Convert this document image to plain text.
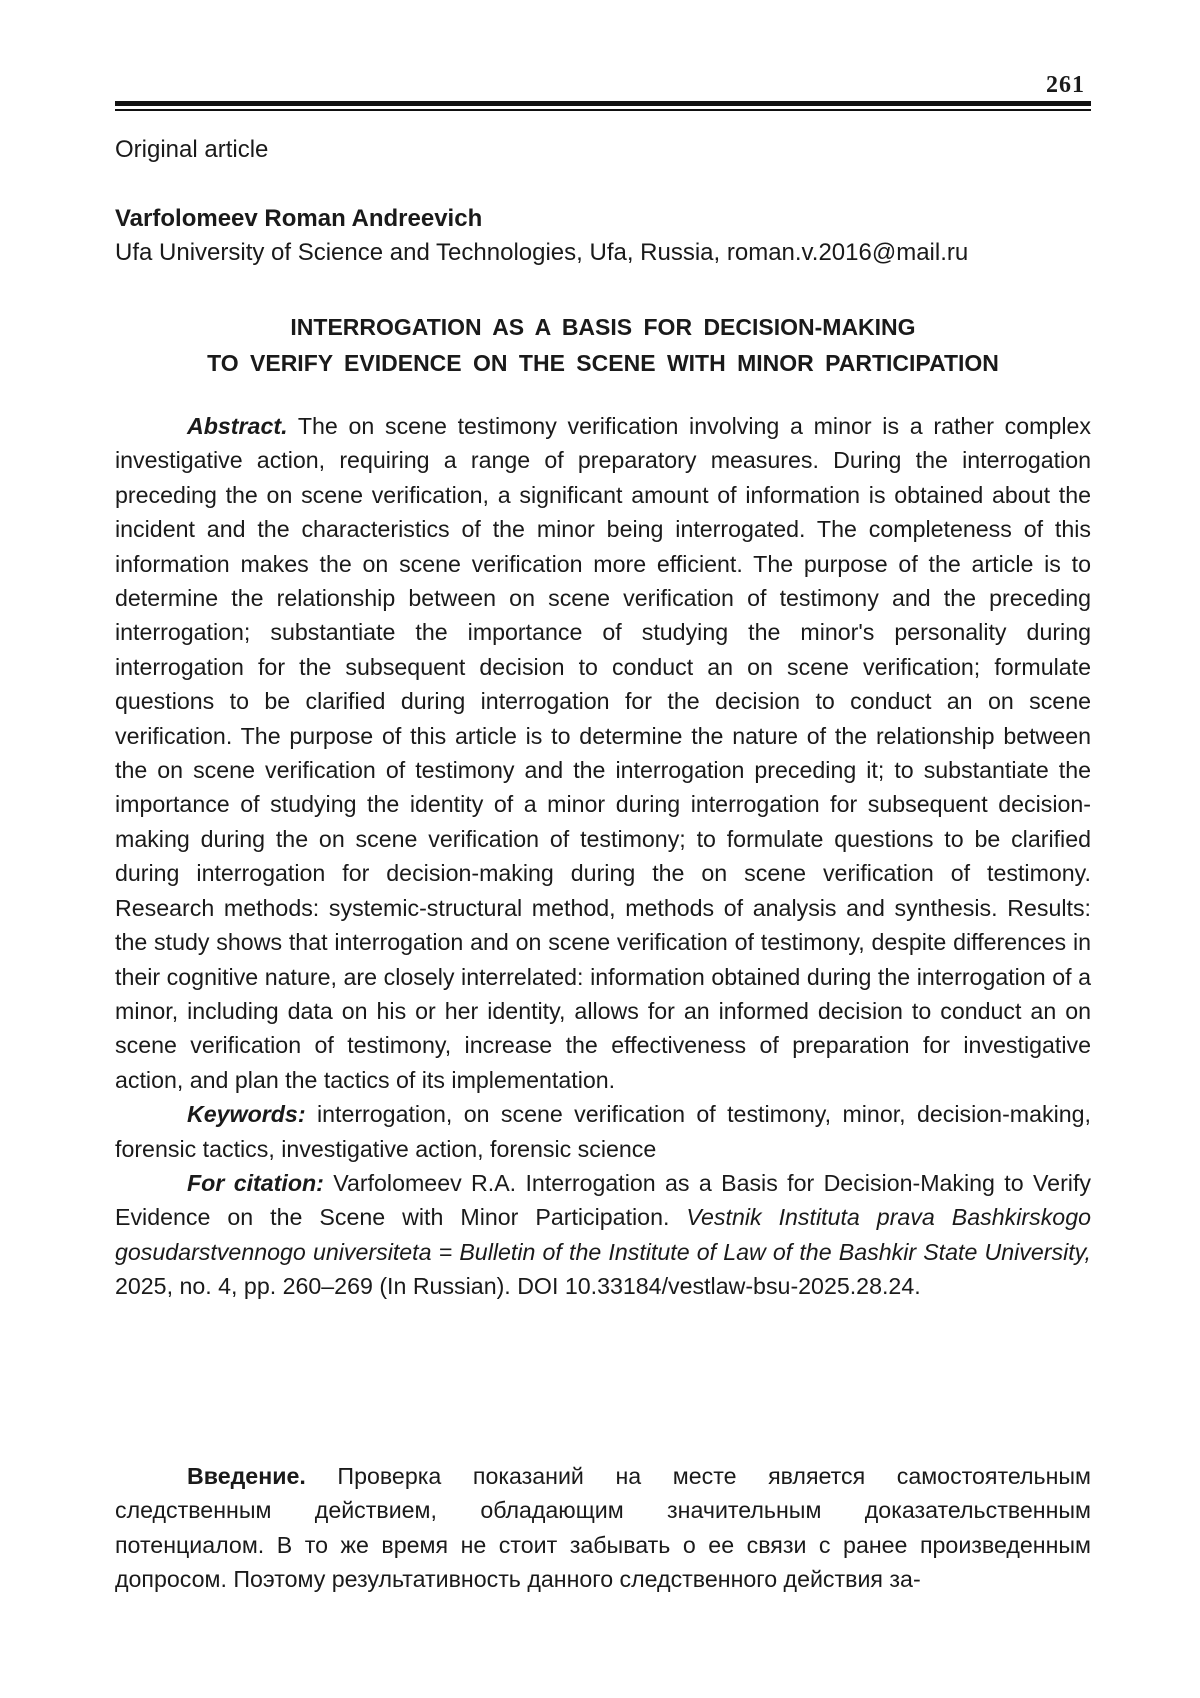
261
Original article
Varfolomeev Roman Andreevich
Ufa University of Science and Technologies, Ufa, Russia, roman.v.2016@mail.ru
INTERROGATION AS A BASIS FOR DECISION-MAKING
TO VERIFY EVIDENCE ON THE SCENE WITH MINOR PARTICIPATION

Abstract. The on scene testimony verification involving a minor is a rather complex investigative action, requiring a range of preparatory measures. During the interrogation preceding the on scene verification, a significant amount of information is obtained about the incident and the characteristics of the minor being interrogated. The completeness of this information makes the on scene verification more efficient. The purpose of the article is to determine the relationship between on scene verification of testimony and the preceding interrogation; substantiate the importance of studying the minor's personality during interrogation for the subsequent decision to conduct an on scene verification; formulate questions to be clarified during interrogation for the decision to conduct an on scene verification. The purpose of this article is to determine the nature of the relationship between the on scene verification of testimony and the interrogation preceding it; to substantiate the importance of studying the identity of a minor during interrogation for subsequent decision-making during the on scene verification of testimony; to formulate questions to be clarified during interrogation for decision-making during the on scene verification of testimony. Research methods: systemic-structural method, methods of analysis and synthesis. Results: the study shows that interrogation and on scene verification of testimony, despite differences in their cognitive nature, are closely interrelated: information obtained during the interrogation of a minor, including data on his or her identity, allows for an informed decision to conduct an on scene verification of testimony, increase the effectiveness of preparation for investigative action, and plan the tactics of its implementation.

Keywords: interrogation, on scene verification of testimony, minor, decision-making, forensic tactics, investigative action, forensic science

For citation: Varfolomeev R.A. Interrogation as a Basis for Decision-Making to Verify Evidence on the Scene with Minor Participation. Vestnik Instituta prava Bashkirskogo gosudarstvennogo universiteta = Bulletin of the Institute of Law of the Bashkir State University, 2025, no. 4, pp. 260–269 (In Russian). DOI 10.33184/vestlaw-bsu-2025.28.24.

Введение. Проверка показаний на месте является самостоятельным следственным действием, обладающим значительным доказательственным потенциалом. В то же время не стоит забывать о ее связи с ранее произведенным допросом. Поэтому результативность данного следственного действия за-
